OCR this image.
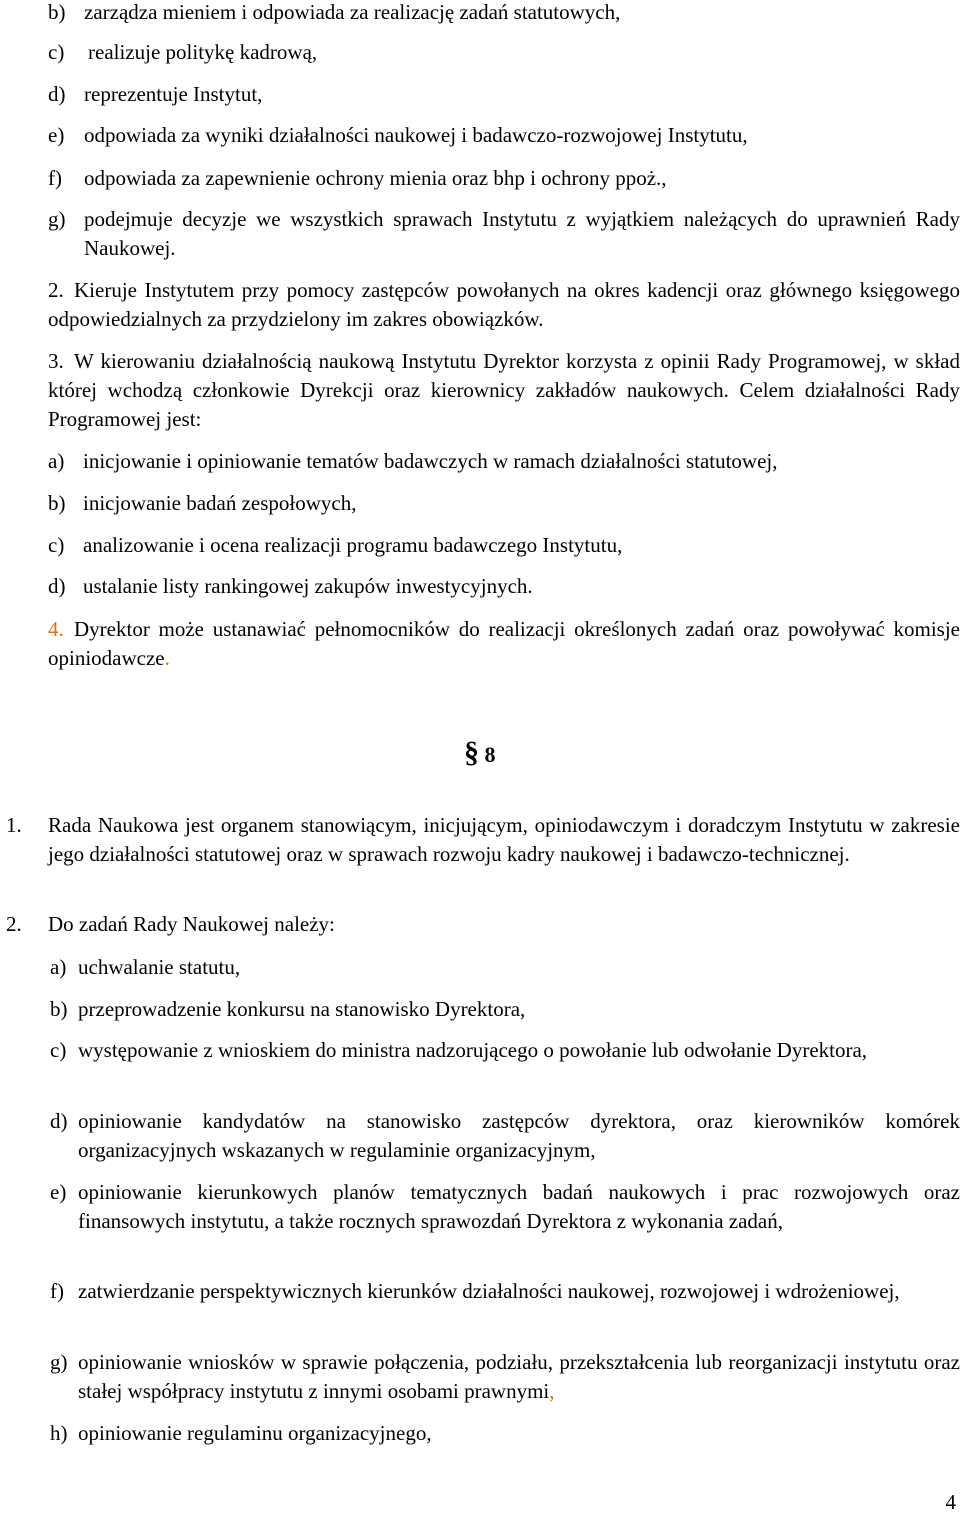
b) zarządza mieniem i odpowiada za realizację zadań statutowych,
c)	realizuje politykę kadrową,
d) reprezentuje Instytut,
e) odpowiada za wyniki działalności naukowej i badawczo-rozwojowej Instytutu,
f)	odpowiada za zapewnienie ochrony mienia oraz bhp i ochrony ppoż.,
g) podejmuje decyzje we wszystkich sprawach Instytutu z wyjątkiem należących do uprawnień Rady Naukowej.
2. Kieruje Instytutem przy pomocy zastępców powołanych na okres kadencji oraz głównego księgowego odpowiedzialnych za przydzielony im zakres obowiązków.
3. W kierowaniu działalnością naukową Instytutu Dyrektor korzysta z opinii Rady Programowej, w skład której wchodzą członkowie Dyrekcji oraz kierownicy zakładów naukowych. Celem działalności Rady Programowej jest:
a) inicjowanie i opiniowanie tematów badawczych w ramach działalności statutowej,
b) inicjowanie badań zespołowych,
c) analizowanie i ocena realizacji programu badawczego Instytutu,
d) ustalanie listy rankingowej zakupów inwestycyjnych.
4. Dyrektor może ustanawiać pełnomocników do realizacji określonych zadań oraz powoływać komisje opiniodawcze.
§ 8
1.	Rada Naukowa jest organem stanowiącym, inicjującym, opiniodawczym i doradczym Instytutu w zakresie jego działalności statutowej oraz w sprawach rozwoju kadry naukowej i badawczo-technicznej.
2.	Do zadań Rady Naukowej należy:
a) uchwalanie statutu,
b) przeprowadzenie konkursu na stanowisko Dyrektora,
c) występowanie z wnioskiem do ministra nadzorującego o powołanie lub odwołanie Dyrektora,
d) opiniowanie kandydatów na stanowisko zastępców dyrektora, oraz kierowników komórek organizacyjnych wskazanych w regulaminie organizacyjnym,
e) opiniowanie kierunkowych planów tematycznych badań naukowych i prac rozwojowych oraz finansowych instytutu, a także rocznych sprawozdań Dyrektora z wykonania zadań,
f) zatwierdzanie perspektywicznych kierunków działalności naukowej, rozwojowej i wdrożeniowej,
g) opiniowanie wniosków w sprawie połączenia, podziału, przekształcenia lub reorganizacji instytutu oraz stałej współpracy instytutu z innymi osobami prawnymi,
h) opiniowanie regulaminu organizacyjnego,
4
